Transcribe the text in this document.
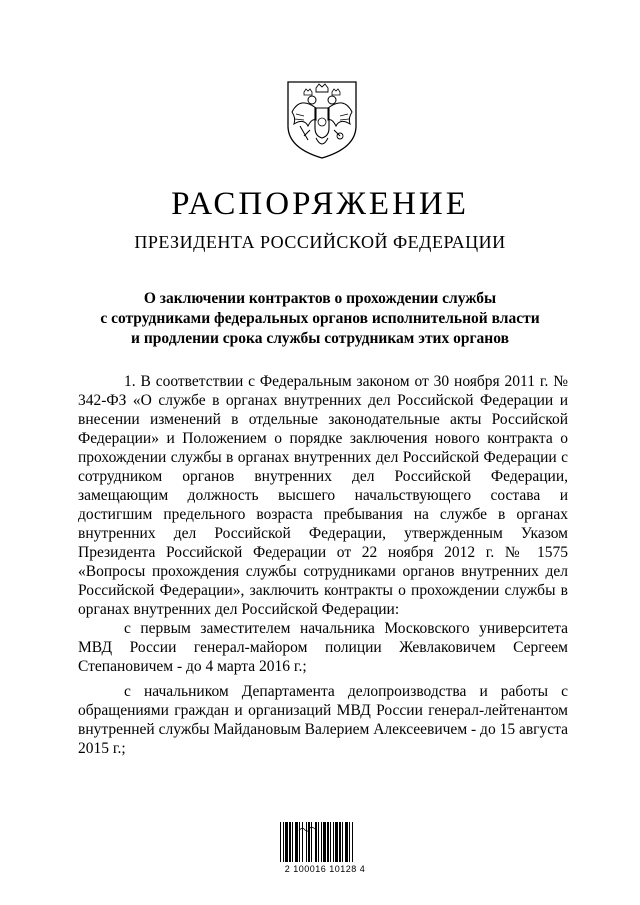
РАСПОРЯЖЕНИЕ
ПРЕЗИДЕНТА РОССИЙСКОЙ ФЕДЕРАЦИИ
О заключении контрактов о прохождении службы
с сотрудниками федеральных органов исполнительной власти
и продлении срока службы сотрудникам этих органов

1. В соответствии с Федеральным законом от 30 ноября 2011 г. № 342-ФЗ «О службе в органах внутренних дел Российской Федерации и внесении изменений в отдельные законодательные акты Российской Федерации» и Положением о порядке заключения нового контракта о прохождении службы в органах внутренних дел Российской Федерации с сотрудником органов внутренних дел Российской Федерации, замещающим должность высшего начальствующего состава и достигшим предельного возраста пребывания на службе в органах внутренних дел Российской Федерации, утвержденным Указом Президента Российской Федерации от 22 ноября 2012 г. № 1575 «Вопросы прохождения службы сотрудниками органов внутренних дел Российской Федерации», заключить контракты о прохождении службы в органах внутренних дел Российской Федерации:

с первым заместителем начальника Московского университета МВД России генерал-майором полиции Жевлаковичем Сергеем Степановичем - до 4 марта 2016 г.;

с начальником Департамента делопроизводства и работы с обращениями граждан и организаций МВД России генерал-лейтенантом внутренней службы Майдановым Валерием Алексеевичем - до 15 августа 2015 г.;

2 100016 10128 4
